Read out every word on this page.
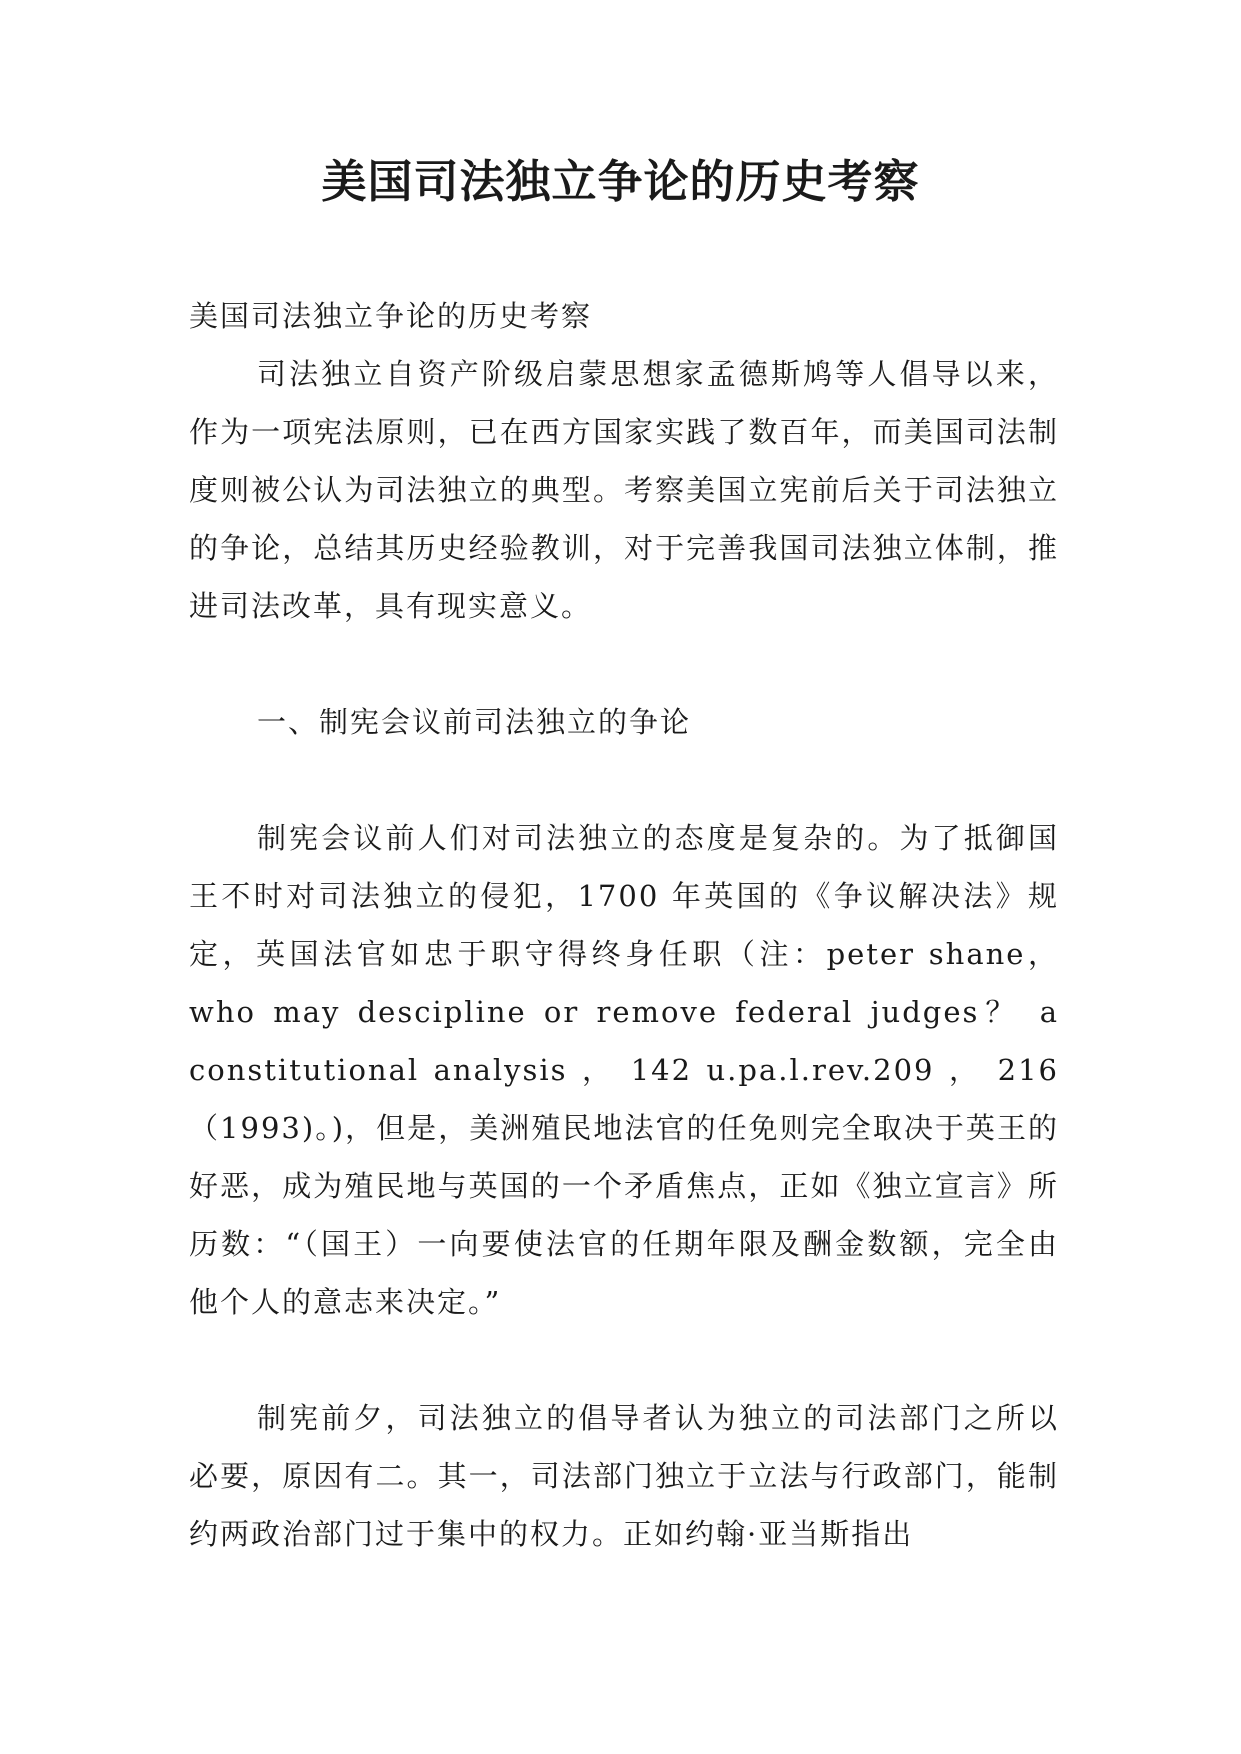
美国司法独立争论的历史考察

美国司法独立争论的历史考察

司法独立自资产阶级启蒙思想家孟德斯鸠等人倡导以来，作为一项宪法原则，已在西方国家实践了数百年，而美国司法制度则被公认为司法独立的典型。考察美国立宪前后关于司法独立的争论，总结其历史经验教训，对于完善我国司法独立体制，推进司法改革，具有现实意义。

一、制宪会议前司法独立的争论

制宪会议前人们对司法独立的态度是复杂的。为了抵御国王不时对司法独立的侵犯，1700 年英国的《争议解决法》规定，英国法官如忠于职守得终身任职（注：peter shane，who may descipline or remove federal judges？ a constitutional analysis ， 142 u.pa.l.rev.209 ， 216（1993)。)，但是，美洲殖民地法官的任免则完全取决于英王的好恶，成为殖民地与英国的一个矛盾焦点，正如《独立宣言》所历数：“（国王）一向要使法官的任期年限及酬金数额，完全由他个人的意志来决定。”

制宪前夕，司法独立的倡导者认为独立的司法部门之所以必要，原因有二。其一，司法部门独立于立法与行政部门，能制约两政治部门过于集中的权力。正如约翰·亚当斯指出
